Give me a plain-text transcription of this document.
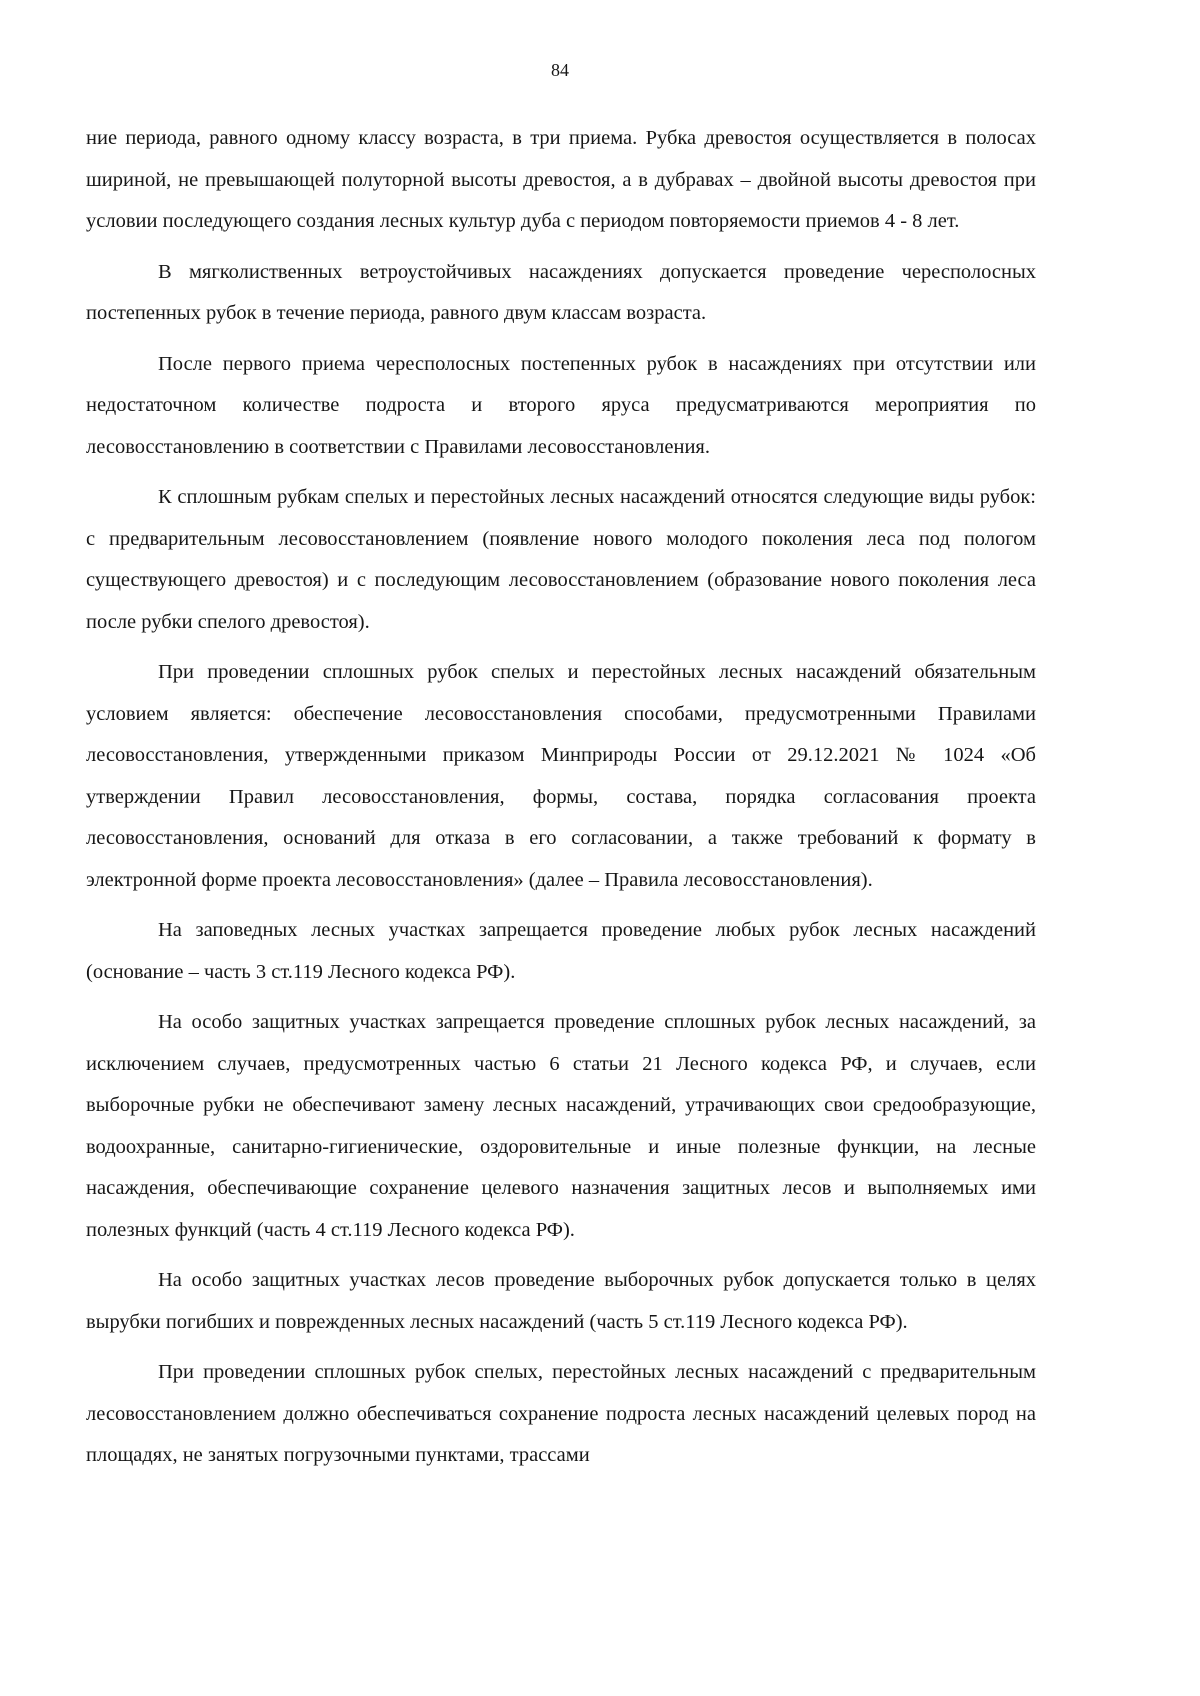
84

ние периода, равного одному классу возраста, в три приема. Рубка древостоя осуществляется в полосах шириной, не превышающей полуторной высоты древостоя, а в дубравах – двойной высоты древостоя при условии последующего создания лесных культур дуба с периодом повторяемости приемов 4 - 8 лет.

В мягколиственных ветроустойчивых насаждениях допускается проведение чересполосных постепенных рубок в течение периода, равного двум классам возраста.

После первого приема чересполосных постепенных рубок в насаждениях при отсутствии или недостаточном количестве подроста и второго яруса предусматриваются мероприятия по лесовосстановлению в соответствии с Правилами лесовосстановления.

К сплошным рубкам спелых и перестойных лесных насаждений относятся следующие виды рубок: с предварительным лесовосстановлением (появление нового молодого поколения леса под пологом существующего древостоя) и с последующим лесовосстановлением (образование нового поколения леса после рубки спелого древостоя).

При проведении сплошных рубок спелых и перестойных лесных насаждений обязательным условием является: обеспечение лесовосстановления способами, предусмотренными Правилами лесовосстановления, утвержденными приказом Минприроды России от 29.12.2021 № 1024 «Об утверждении Правил лесовосстановления, формы, состава, порядка согласования проекта лесовосстановления, оснований для отказа в его согласовании, а также требований к формату в электронной форме проекта лесовосстановления» (далее – Правила лесовосстановления).

На заповедных лесных участках запрещается проведение любых рубок лесных насаждений (основание – часть 3 ст.119 Лесного кодекса РФ).

На особо защитных участках запрещается проведение сплошных рубок лесных насаждений, за исключением случаев, предусмотренных частью 6 статьи 21 Лесного кодекса РФ, и случаев, если выборочные рубки не обеспечивают замену лесных насаждений, утрачивающих свои средообразующие, водоохранные, санитарно-гигиенические, оздоровительные и иные полезные функции, на лесные насаждения, обеспечивающие сохранение целевого назначения защитных лесов и выполняемых ими полезных функций (часть 4 ст.119 Лесного кодекса РФ).

На особо защитных участках лесов проведение выборочных рубок допускается только в целях вырубки погибших и поврежденных лесных насаждений (часть 5 ст.119 Лесного кодекса РФ).

При проведении сплошных рубок спелых, перестойных лесных насаждений с предварительным лесовосстановлением должно обеспечиваться сохранение подроста лесных насаждений целевых пород на площадях, не занятых погрузочными пунктами, трассами
